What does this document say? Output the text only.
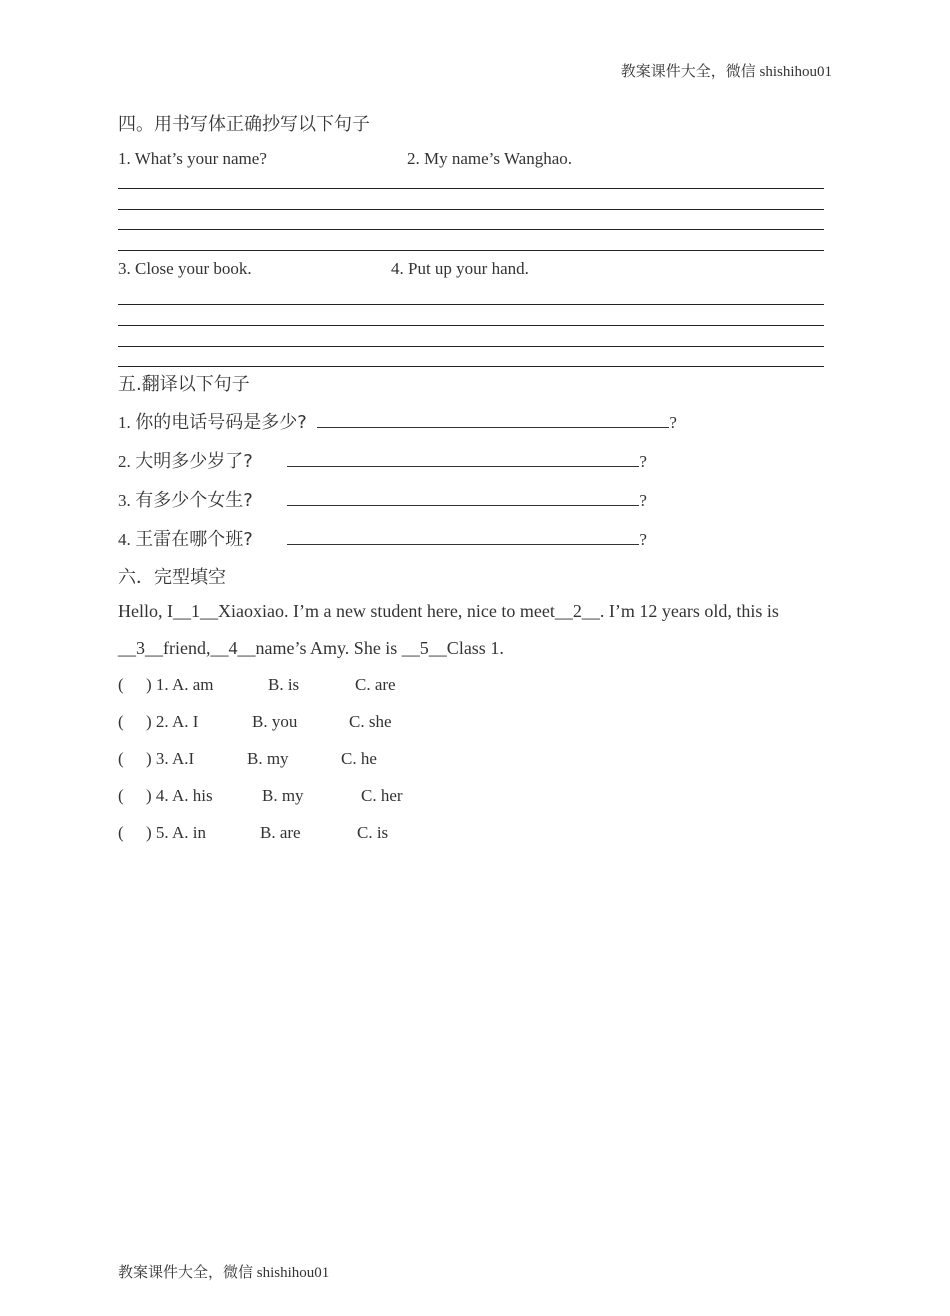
教案课件大全，微信 shishihou01
四。用书写体正确抄写以下句子
1. What’s your name?	2. My name’s Wanghao.
3. Close your book.	4. Put up your hand.
五.翻译以下句子
1. 你的电话号码是多少?	?
2. 大明多少岁了?	?
3. 有多少个女生?	?
4. 王雷在哪个班?	?
六．完型填空
Hello, I__1__Xiaoxiao. I’m a new student here, nice to meet__2__. I’m 12 years old, this is
__3__friend,__4__name’s Amy. She is __5__Class 1.
( ) 1. A. am	B. is	C. are
( ) 2. A. I	B. you	C. she
( ) 3. A.I	B. my	C. he
( ) 4. A. his	B. my	C. her
( ) 5. A. in	B. are	C. is
教案课件大全，微信 shishihou01
